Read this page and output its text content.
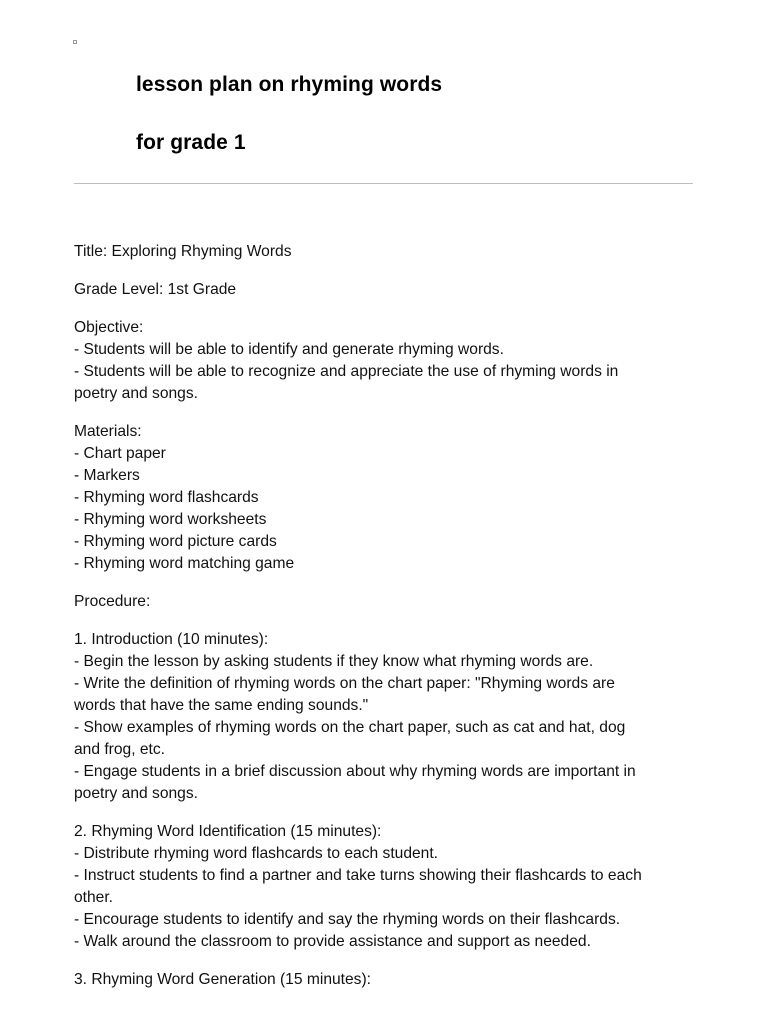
lesson plan on rhyming words
for grade 1

Title: Exploring Rhyming Words

Grade Level: 1st Grade

Objective:
- Students will be able to identify and generate rhyming words.
- Students will be able to recognize and appreciate the use of rhyming words in
poetry and songs.

Materials:
- Chart paper
- Markers
- Rhyming word flashcards
- Rhyming word worksheets
- Rhyming word picture cards
- Rhyming word matching game

Procedure:

1. Introduction (10 minutes):
- Begin the lesson by asking students if they know what rhyming words are.
- Write the definition of rhyming words on the chart paper: "Rhyming words are
words that have the same ending sounds."
- Show examples of rhyming words on the chart paper, such as cat and hat, dog
and frog, etc.
- Engage students in a brief discussion about why rhyming words are important in
poetry and songs.

2. Rhyming Word Identification (15 minutes):
- Distribute rhyming word flashcards to each student.
- Instruct students to find a partner and take turns showing their flashcards to each
other.
- Encourage students to identify and say the rhyming words on their flashcards.
- Walk around the classroom to provide assistance and support as needed.

3. Rhyming Word Generation (15 minutes):
